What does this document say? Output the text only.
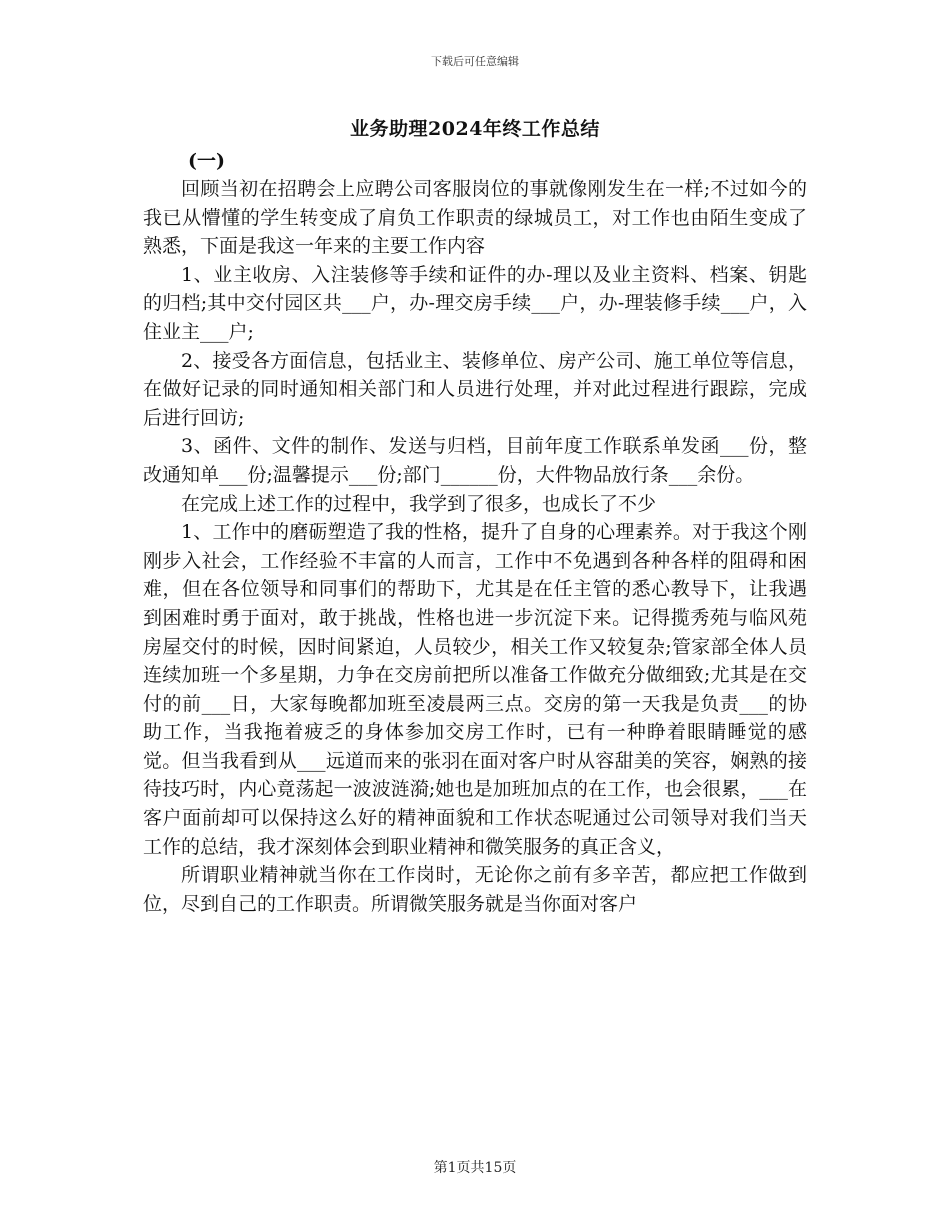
下载后可任意编辑
业务助理2024年终工作总结
(一)

回顾当初在招聘会上应聘公司客服岗位的事就像刚发生在一样;不过如今的我已从懵懂的学生转变成了肩负工作职责的绿城员工，对工作也由陌生变成了熟悉，下面是我这一年来的主要工作内容

1、业主收房、入注装修等手续和证件的办-理以及业主资料、档案、钥匙的归档;其中交付园区共___户，办-理交房手续___户，办-理装修手续___户，入住业主___户;

2、接受各方面信息，包括业主、装修单位、房产公司、施工单位等信息，在做好记录的同时通知相关部门和人员进行处理，并对此过程进行跟踪，完成后进行回访;

3、函件、文件的制作、发送与归档，目前年度工作联系单发函___份，整改通知单___份;温馨提示___份;部门______份，大件物品放行条___余份。

在完成上述工作的过程中，我学到了很多，也成长了不少

1、工作中的磨砺塑造了我的性格，提升了自身的心理素养。对于我这个刚刚步入社会，工作经验不丰富的人而言，工作中不免遇到各种各样的阻碍和困难，但在各位领导和同事们的帮助下，尤其是在任主管的悉心教导下，让我遇到困难时勇于面对，敢于挑战，性格也进一步沉淀下来。记得揽秀苑与临风苑房屋交付的时候，因时间紧迫，人员较少，相关工作又较复杂;管家部全体人员连续加班一个多星期，力争在交房前把所以准备工作做充分做细致;尤其是在交付的前___日，大家每晚都加班至凌晨两三点。交房的第一天我是负责___的协助工作，当我拖着疲乏的身体参加交房工作时，已有一种睁着眼睛睡觉的感觉。但当我看到从___远道而来的张羽在面对客户时从容甜美的笑容，娴熟的接待技巧时，内心竟荡起一波波涟漪;她也是加班加点的在工作，也会很累，___在客户面前却可以保持这么好的精神面貌和工作状态呢通过公司领导对我们当天工作的总结，我才深刻体会到职业精神和微笑服务的真正含义，

所谓职业精神就当你在工作岗时，无论你之前有多辛苦，都应把工作做到位，尽到自己的工作职责。所谓微笑服务就是当你面对客户

第1页共15页
